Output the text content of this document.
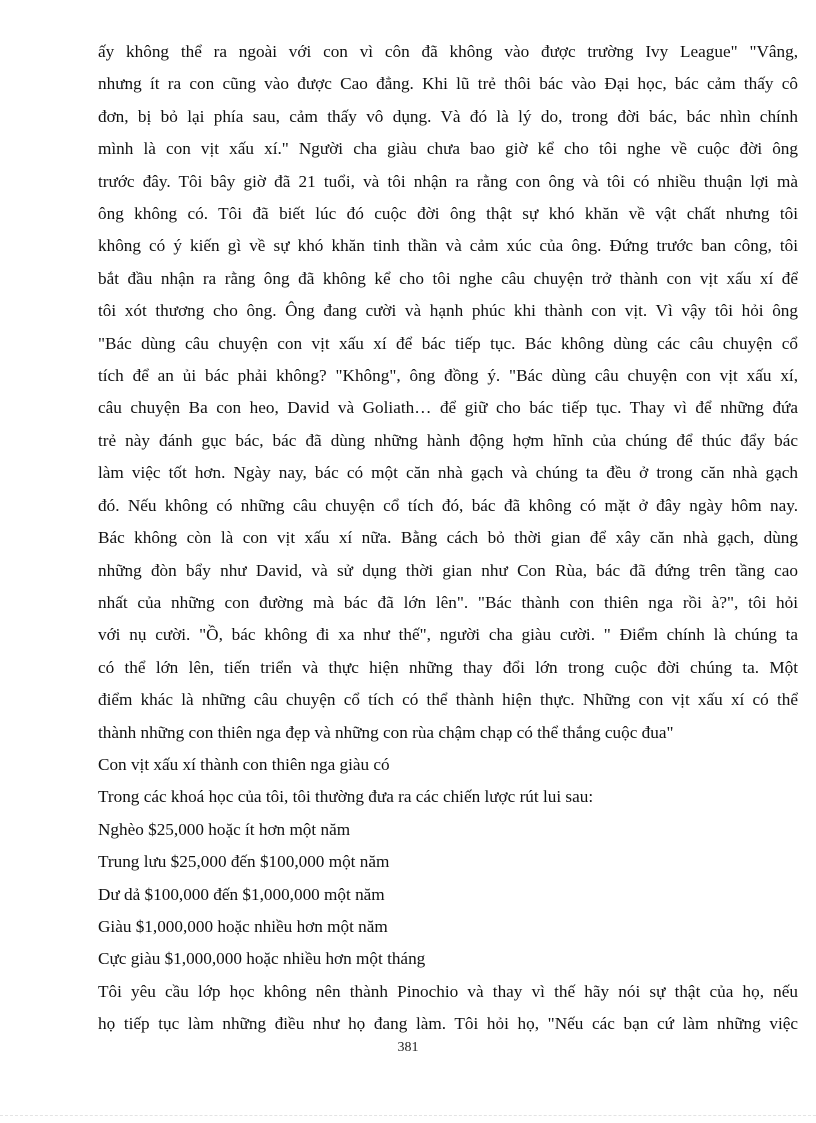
ấy không thể ra ngoài với con vì côn đã không vào được trường Ivy League" "Vâng,
nhưng ít ra con cũng vào được Cao đẳng. Khi lũ trẻ thôi bác vào Đại học, bác cảm thấy cô
đơn, bị bỏ lại phía sau, cảm thấy vô dụng. Và đó là lý do, trong đời bác, bác nhìn chính
mình là con vịt xấu xí." Người cha giàu chưa bao giờ kể cho tôi nghe về cuộc đời ông
trước đây. Tôi bây giờ đã 21 tuổi, và tôi nhận ra rằng con ông và tôi có nhiều thuận lợi mà
ông không có. Tôi đã biết lúc đó cuộc đời ông thật sự khó khăn về vật chất nhưng tôi
không có ý kiến gì về sự khó khăn tinh thần và cảm xúc của ông. Đứng trước ban công, tôi
bắt đầu nhận ra rằng ông đã không kể cho tôi nghe câu chuyện trở thành con vịt xấu xí để
tôi xót thương cho ông. Ông đang cười và hạnh phúc khi thành con vịt. Vì vậy tôi hỏi ông
"Bác dùng câu chuyện con vịt xấu xí để bác tiếp tục. Bác không dùng các câu chuyện cổ
tích để an ủi bác phải không? "Không", ông đồng ý. "Bác dùng câu chuyện con vịt xấu xí,
câu chuyện Ba con heo, David và Goliath… để giữ cho bác tiếp tục. Thay vì để những đứa
trẻ này đánh gục bác, bác đã dùng những hành động hợm hĩnh của chúng để thúc đẩy bác
làm việc tốt hơn. Ngày nay, bác có một căn nhà gạch và chúng ta đều ở trong căn nhà gạch
đó. Nếu không có những câu chuyện cổ tích đó, bác đã không có mặt ở đây ngày hôm nay.
Bác không còn là con vịt xấu xí nữa. Bằng cách bỏ thời gian để xây căn nhà gạch, dùng
những đòn bẩy như David, và sử dụng thời gian như Con Rùa, bác đã đứng trên tầng cao
nhất của những con đường mà bác đã lớn lên". "Bác thành con thiên nga rồi à?", tôi hỏi
với nụ cười. "Ồ, bác không đi xa như thế", người cha giàu cười. " Điểm chính là chúng ta
có thể lớn lên, tiến triển và thực hiện những thay đổi lớn trong cuộc đời chúng ta. Một
điểm khác là những câu chuyện cổ tích có thể thành hiện thực. Những con vịt xấu xí có thể
thành những con thiên nga đẹp và những con rùa chậm chạp có thể thắng cuộc đua"
Con vịt xấu xí thành con thiên nga giàu có
Trong các khoá học của tôi, tôi thường đưa ra các chiến lược rút lui sau:
Nghèo $25,000 hoặc ít hơn một năm
Trung lưu $25,000 đến $100,000 một năm
Dư dả $100,000 đến $1,000,000 một năm
Giàu $1,000,000 hoặc nhiều hơn một năm
Cực giàu $1,000,000 hoặc nhiều hơn một tháng
Tôi yêu cầu lớp học không nên thành Pinochio và thay vì thế hãy nói sự thật của họ, nếu
họ tiếp tục làm những điều như họ đang làm. Tôi hỏi họ, "Nếu các bạn cứ làm những việc
381
